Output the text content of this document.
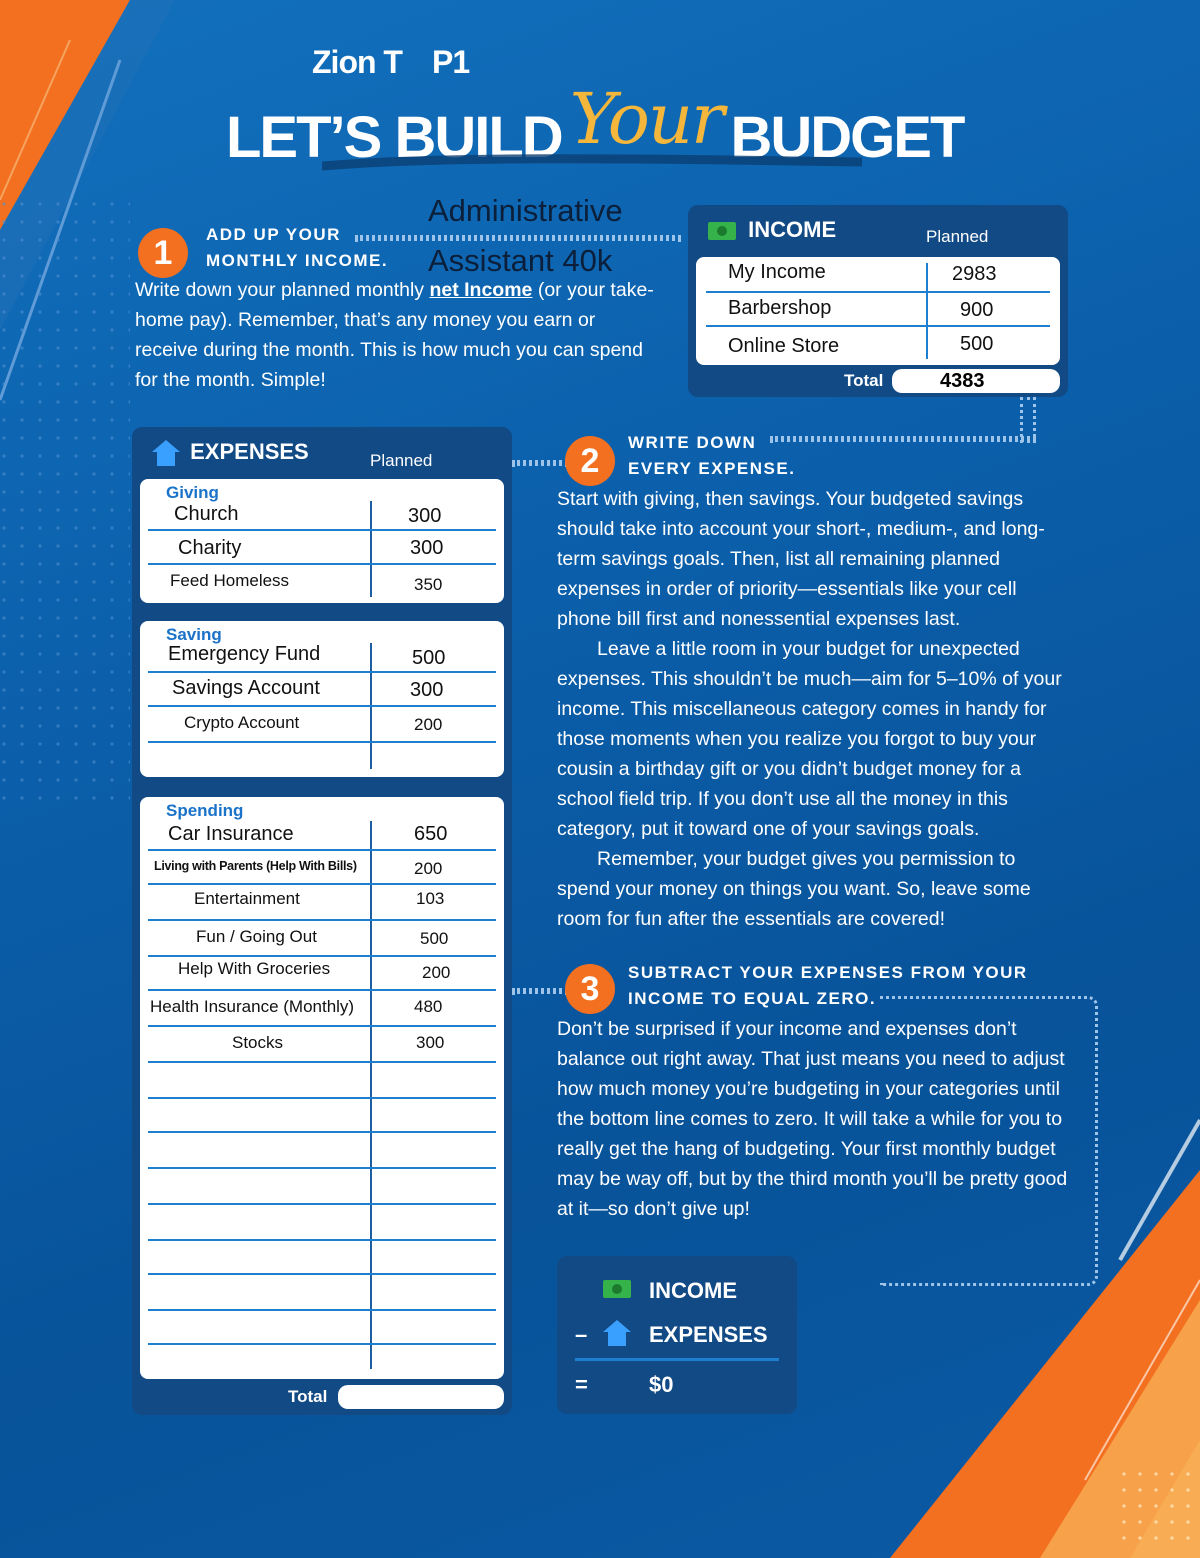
Zion T P1
LET’S BUILD Your BUDGET
Administrative
Assistant 40k
1	ADD UP YOUR
MONTHLY INCOME.
Write down your planned monthly net Income (or your take-home pay). Remember, that’s any money you earn or receive during the month. This is how much you can spend for the month. Simple!
INCOME	Planned
My Income	2983
Barbershop	900
Online Store	500
Total	4383
EXPENSES	Planned
Giving
Church	300
Charity	300
Feed Homeless	350
Saving
Emergency Fund	500
Savings Account	300
Crypto Account	200
Spending
Car Insurance	650
Living with Parents (Help With Bills)	200
Entertainment	103
Fun / Going Out	500
Help With Groceries	200
Health Insurance (Monthly)	480
Stocks	300
Total
2	WRITE DOWN
EVERY EXPENSE.
Start with giving, then savings. Your budgeted savings should take into account your short-, medium-, and long-term savings goals. Then, list all remaining planned expenses in order of priority—essentials like your cell phone bill first and nonessential expenses last.
Leave a little room in your budget for unexpected expenses. This shouldn’t be much—aim for 5–10% of your income. This miscellaneous category comes in handy for those moments when you realize you forgot to buy your cousin a birthday gift or you didn’t budget money for a school field trip. If you don’t use all the money in this category, put it toward one of your savings goals.
Remember, your budget gives you permission to spend your money on things you want. So, leave some room for fun after the essentials are covered!
3	SUBTRACT YOUR EXPENSES FROM YOUR
INCOME TO EQUAL ZERO.
Don’t be surprised if your income and expenses don’t balance out right away. That just means you need to adjust how much money you’re budgeting in your categories until the bottom line comes to zero. It will take a while for you to really get the hang of budgeting. Your first monthly budget may be way off, but by the third month you’ll be pretty good at it—so don’t give up!
INCOME
–	EXPENSES
=	$0
